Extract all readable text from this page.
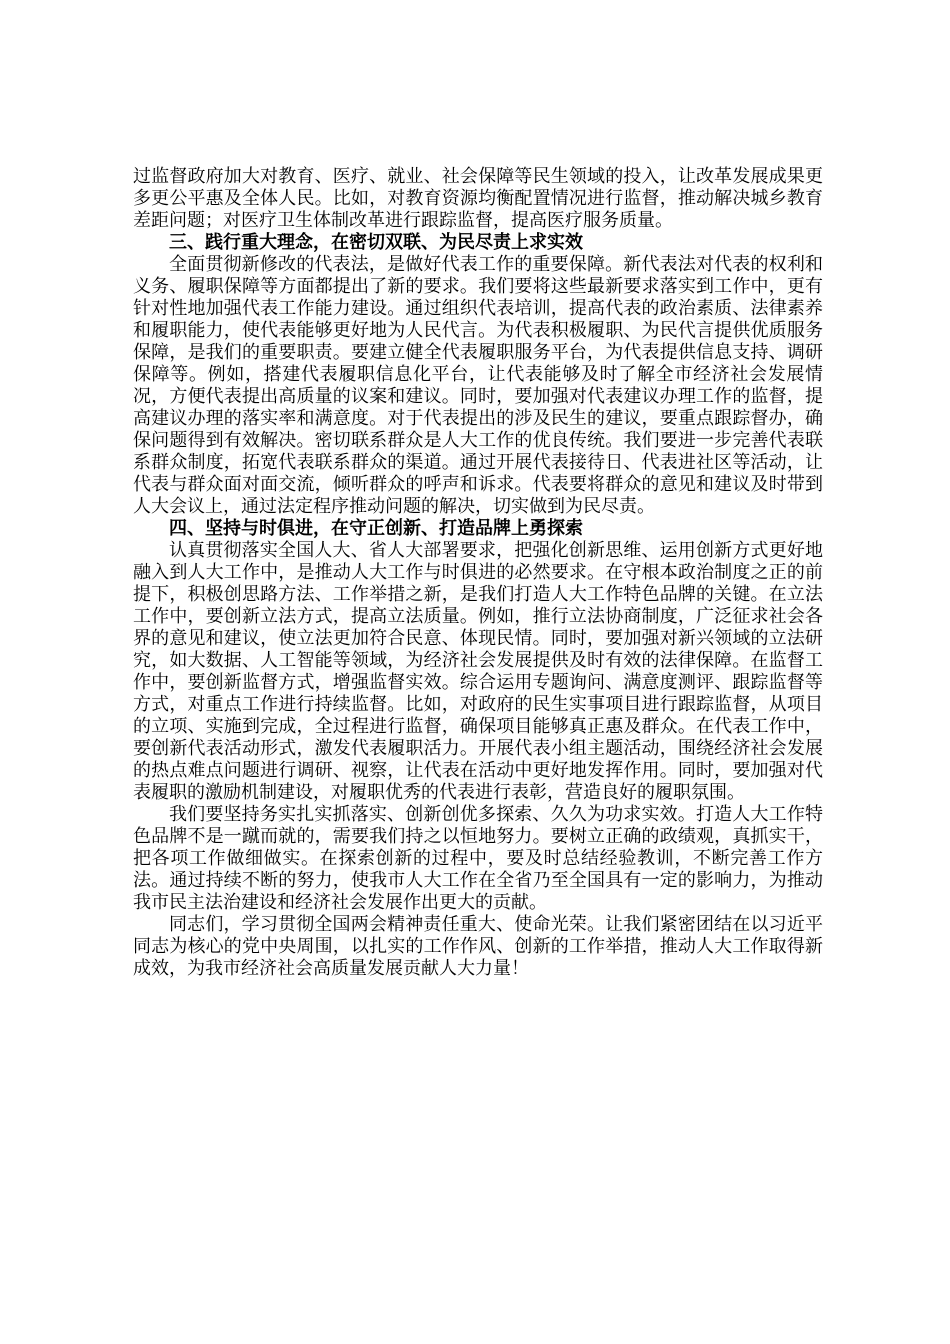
过监督政府加大对教育、医疗、就业、社会保障等民生领域的投入，让改革发展成果更多更公平惠及全体人民。比如，对教育资源均衡配置情况进行监督，推动解决城乡教育差距问题；对医疗卫生体制改革进行跟踪监督，提高医疗服务质量。

三、践行重大理念，在密切双联、为民尽责上求实效

全面贯彻新修改的代表法，是做好代表工作的重要保障。新代表法对代表的权利和义务、履职保障等方面都提出了新的要求。我们要将这些最新要求落实到工作中，更有针对性地加强代表工作能力建设。通过组织代表培训，提高代表的政治素质、法律素养和履职能力，使代表能够更好地为人民代言。为代表积极履职、为民代言提供优质服务保障，是我们的重要职责。要建立健全代表履职服务平台，为代表提供信息支持、调研保障等。例如，搭建代表履职信息化平台，让代表能够及时了解全市经济社会发展情况，方便代表提出高质量的议案和建议。同时，要加强对代表建议办理工作的监督，提高建议办理的落实率和满意度。对于代表提出的涉及民生的建议，要重点跟踪督办，确保问题得到有效解决。密切联系群众是人大工作的优良传统。我们要进一步完善代表联系群众制度，拓宽代表联系群众的渠道。通过开展代表接待日、代表进社区等活动，让代表与群众面对面交流，倾听群众的呼声和诉求。代表要将群众的意见和建议及时带到人大会议上，通过法定程序推动问题的解决，切实做到为民尽责。

四、坚持与时俱进，在守正创新、打造品牌上勇探索

认真贯彻落实全国人大、省人大部署要求，把强化创新思维、运用创新方式更好地融入到人大工作中，是推动人大工作与时俱进的必然要求。在守根本政治制度之正的前提下，积极创思路方法、工作举措之新，是我们打造人大工作特色品牌的关键。在立法工作中，要创新立法方式，提高立法质量。例如，推行立法协商制度，广泛征求社会各界的意见和建议，使立法更加符合民意、体现民情。同时，要加强对新兴领域的立法研究，如大数据、人工智能等领域，为经济社会发展提供及时有效的法律保障。在监督工作中，要创新监督方式，增强监督实效。综合运用专题询问、满意度测评、跟踪监督等方式，对重点工作进行持续监督。比如，对政府的民生实事项目进行跟踪监督，从项目的立项、实施到完成，全过程进行监督，确保项目能够真正惠及群众。在代表工作中，要创新代表活动形式，激发代表履职活力。开展代表小组主题活动，围绕经济社会发展的热点难点问题进行调研、视察，让代表在活动中更好地发挥作用。同时，要加强对代表履职的激励机制建设，对履职优秀的代表进行表彰，营造良好的履职氛围。

我们要坚持务实扎实抓落实、创新创优多探索、久久为功求实效。打造人大工作特色品牌不是一蹴而就的，需要我们持之以恒地努力。要树立正确的政绩观，真抓实干，把各项工作做细做实。在探索创新的过程中，要及时总结经验教训，不断完善工作方法。通过持续不断的努力，使我市人大工作在全省乃至全国具有一定的影响力，为推动我市民主法治建设和经济社会发展作出更大的贡献。

同志们，学习贯彻全国两会精神责任重大、使命光荣。让我们紧密团结在以习近平同志为核心的党中央周围，以扎实的工作作风、创新的工作举措，推动人大工作取得新成效，为我市经济社会高质量发展贡献人大力量！
